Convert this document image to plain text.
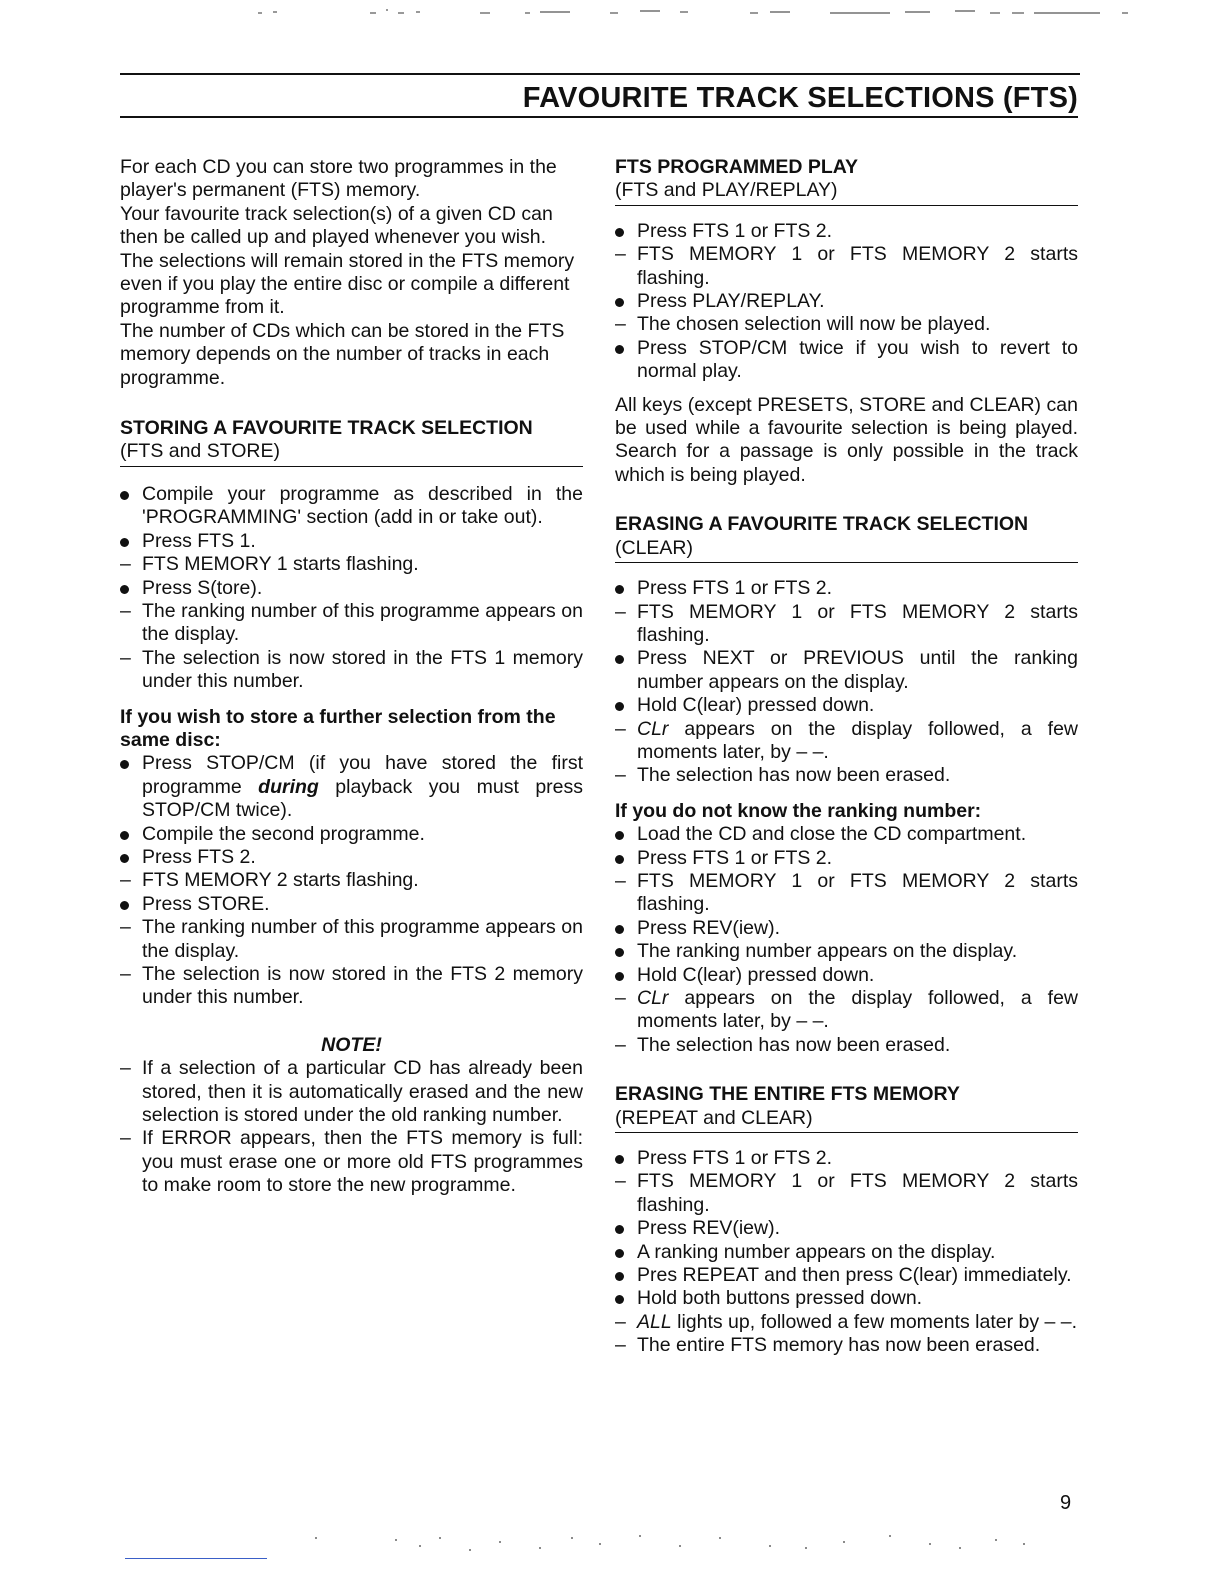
FAVOURITE TRACK SELECTIONS (FTS)

For each CD you can store two programmes in the player's permanent (FTS) memory.

Your favourite track selection(s) of a given CD can then be called up and played whenever you wish.

The selections will remain stored in the FTS memory even if you play the entire disc or compile a different programme from it.

The number of CDs which can be stored in the FTS memory depends on the number of tracks in each programme.

STORING A FAVOURITE TRACK SELECTION

(FTS and STORE)

Compile your programme as described in the 'PROGRAMMING' section (add in or take out).
Press FTS 1.
– FTS MEMORY 1 starts flashing.
Press S(tore).
– The ranking number of this programme appears on the display.
– The selection is now stored in the FTS 1 memory under this number.

If you wish to store a further selection from the same disc:

Press STOP/CM (if you have stored the first programme during playback you must press STOP/CM twice).
Compile the second programme.
Press FTS 2.
– FTS MEMORY 2 starts flashing.
Press STORE.
– The ranking number of this programme appears on the display.
– The selection is now stored in the FTS 2 memory under this number.

NOTE!

– If a selection of a particular CD has already been stored, then it is automatically erased and the new selection is stored under the old ranking number.
– If ERROR appears, then the FTS memory is full: you must erase one or more old FTS programmes to make room to store the new programme.

FTS PROGRAMMED PLAY

(FTS and PLAY/REPLAY)

Press FTS 1 or FTS 2.
– FTS MEMORY 1 or FTS MEMORY 2 starts flashing.
Press PLAY/REPLAY.
– The chosen selection will now be played.
Press STOP/CM twice if you wish to revert to normal play.

All keys (except PRESETS, STORE and CLEAR) can be used while a favourite selection is being played. Search for a passage is only possible in the track which is being played.

ERASING A FAVOURITE TRACK SELECTION

(CLEAR)

Press FTS 1 or FTS 2.
– FTS MEMORY 1 or FTS MEMORY 2 starts flashing.
Press NEXT or PREVIOUS until the ranking number appears on the display.
Hold C(lear) pressed down.
– CLr appears on the display followed, a few moments later, by – –.
– The selection has now been erased.

If you do not know the ranking number:

Load the CD and close the CD compartment.
Press FTS 1 or FTS 2.
– FTS MEMORY 1 or FTS MEMORY 2 starts flashing.
Press REV(iew).
The ranking number appears on the display.
Hold C(lear) pressed down.
– CLr appears on the display followed, a few moments later, by – –.
– The selection has now been erased.

ERASING THE ENTIRE FTS MEMORY

(REPEAT and CLEAR)

Press FTS 1 or FTS 2.
– FTS MEMORY 1 or FTS MEMORY 2 starts flashing.
Press REV(iew).
A ranking number appears on the display.
Pres REPEAT and then press C(lear) immediately.
Hold both buttons pressed down.
– ALL lights up, followed a few moments later by – –.
– The entire FTS memory has now been erased.
9
